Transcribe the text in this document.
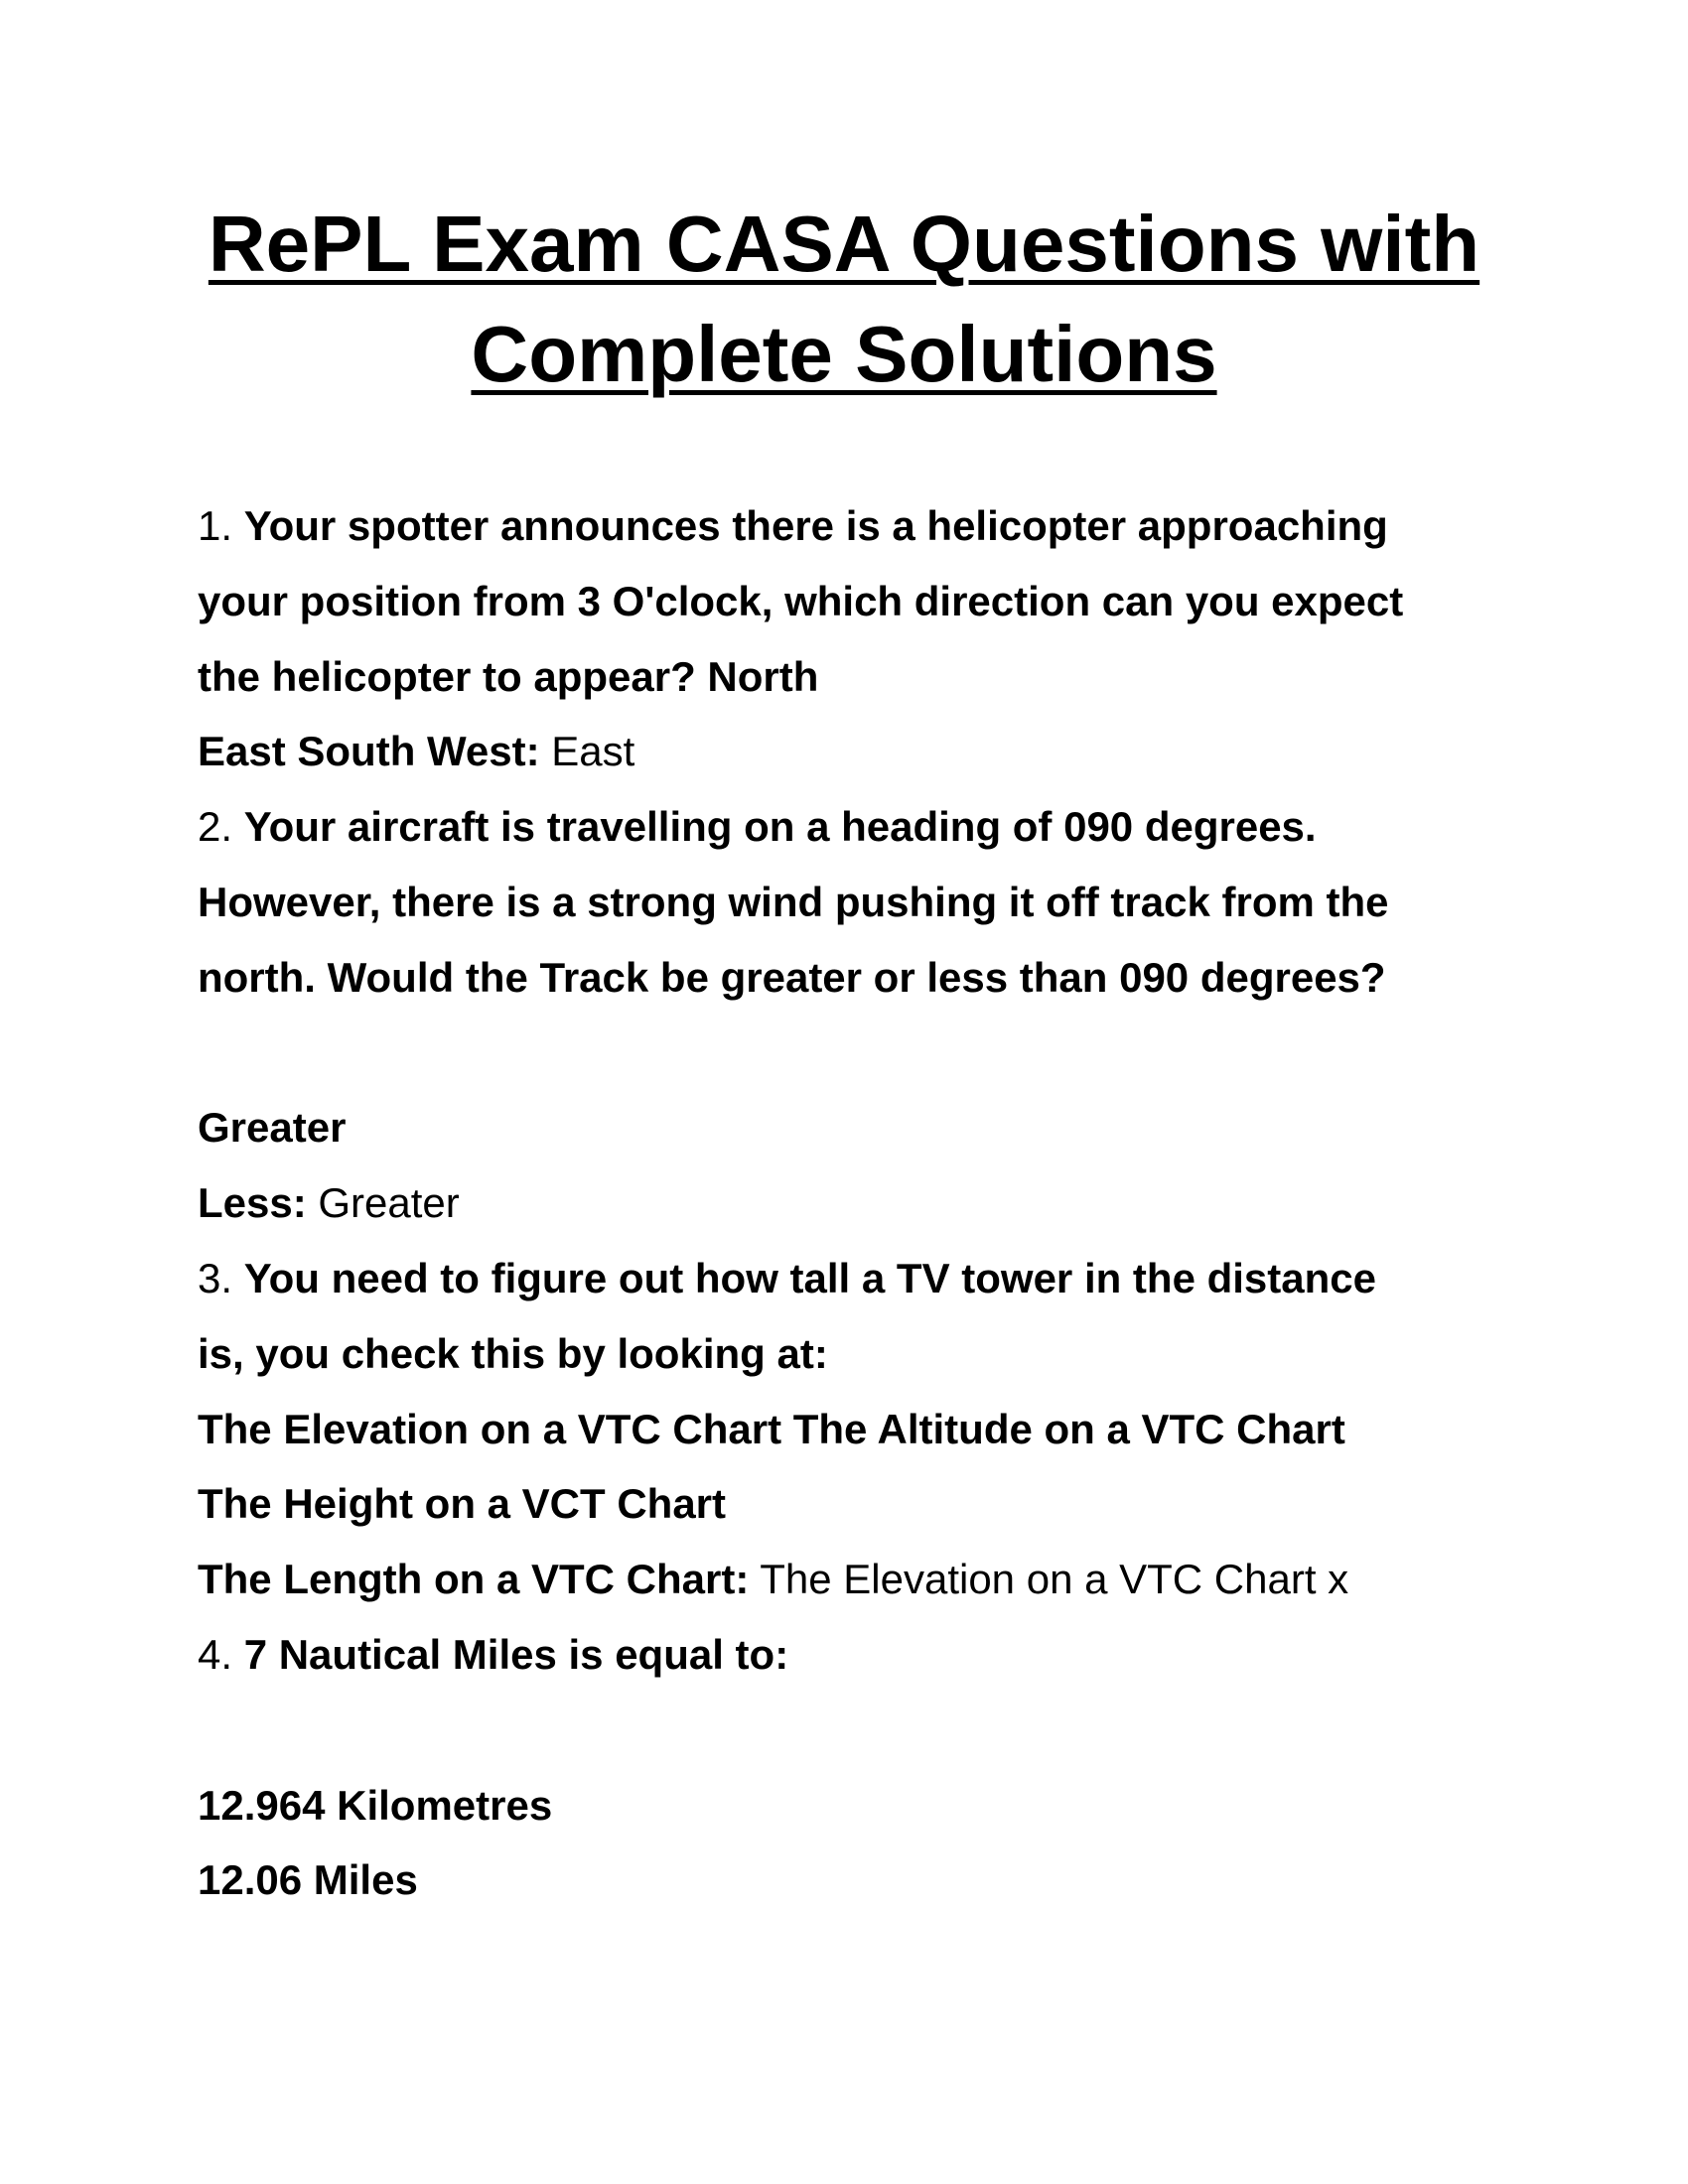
RePL Exam CASA Questions with
Complete Solutions
1. Your spotter announces there is a helicopter approaching
your position from 3 O'clock, which direction can you expect
the helicopter to appear? North
East South West: East
2. Your aircraft is travelling on a heading of 090 degrees.
However, there is a strong wind pushing it off track from the
north. Would the Track be greater or less than 090 degrees?
Greater
Less: Greater
3. You need to figure out how tall a TV tower in the distance
is, you check this by looking at:
The Elevation on a VTC Chart The Altitude on a VTC Chart
The Height on a VCT Chart
The Length on a VTC Chart: The Elevation on a VTC Chart x
4. 7 Nautical Miles is equal to:
12.964 Kilometres
12.06 Miles
